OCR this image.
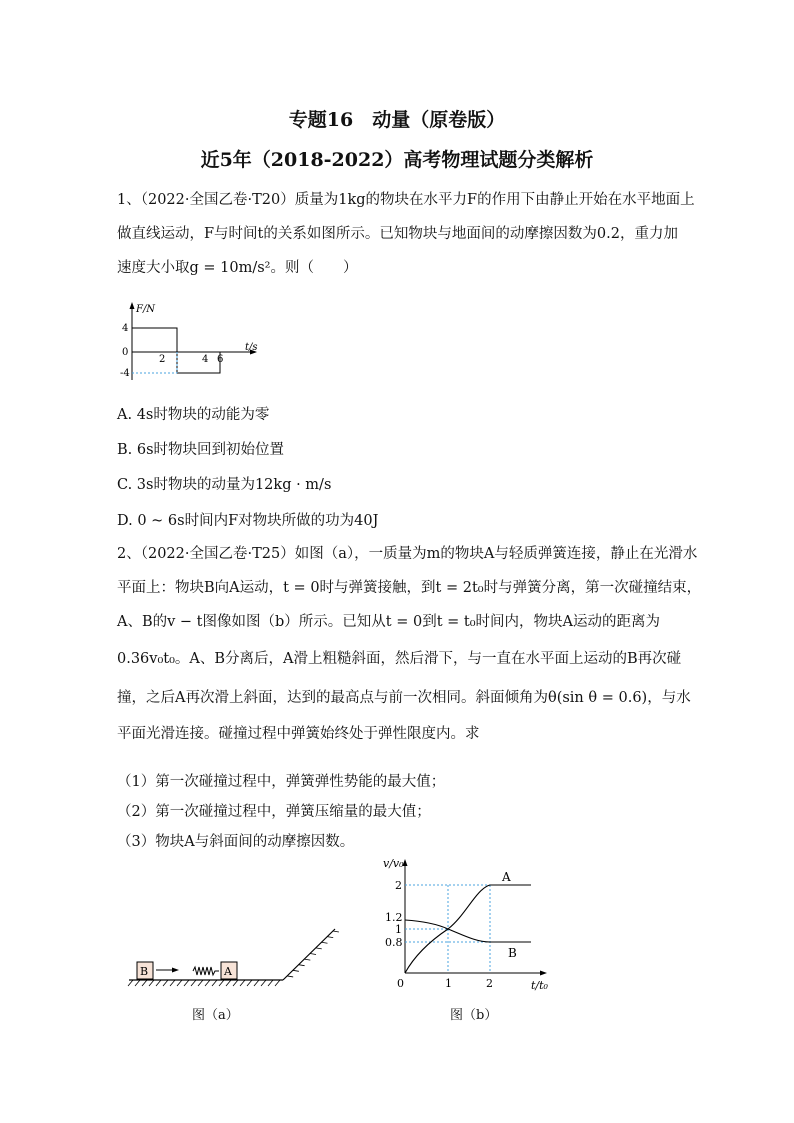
专题16　动量（原卷版）
近5年（2018-2022）高考物理试题分类解析
1、（2022·全国乙卷·T20）质量为1kg的物块在水平力F的作用下由静止开始在水平地面上
做直线运动，F与时间t的关系如图所示。已知物块与地面间的动摩擦因数为0.2，重力加
速度大小取g = 10m/s²。则（　　）
F/N
t/s
4
0
-4
2	4 6
A. 4s时物块的动能为零
B. 6s时物块回到初始位置
C. 3s时物块的动量为12kg · m/s
D. 0 ~ 6s时间内F对物块所做的功为40J
2、（2022·全国乙卷·T25）如图（a），一质量为m的物块A与轻质弹簧连接，静止在光滑水
平面上：物块B向A运动，t = 0时与弹簧接触，到t = 2t₀时与弹簧分离，第一次碰撞结束，
A、B的v − t图像如图（b）所示。已知从t = 0到t = t₀时间内，物块A运动的距离为
0.36v₀t₀。A、B分离后，A滑上粗糙斜面，然后滑下，与一直在水平面上运动的B再次碰
撞，之后A再次滑上斜面，达到的最高点与前一次相同。斜面倾角为θ(sin θ = 0.6)，与水
平面光滑连接。碰撞过程中弹簧始终处于弹性限度内。求
（1）第一次碰撞过程中，弹簧弹性势能的最大值；
（2）第一次碰撞过程中，弹簧压缩量的最大值；
（3）物块A与斜面间的动摩擦因数。
B	A
图（a）
v/v₀
t/t₀
2
1.2
1
0.8
0	1	2
A
B
图（b）
